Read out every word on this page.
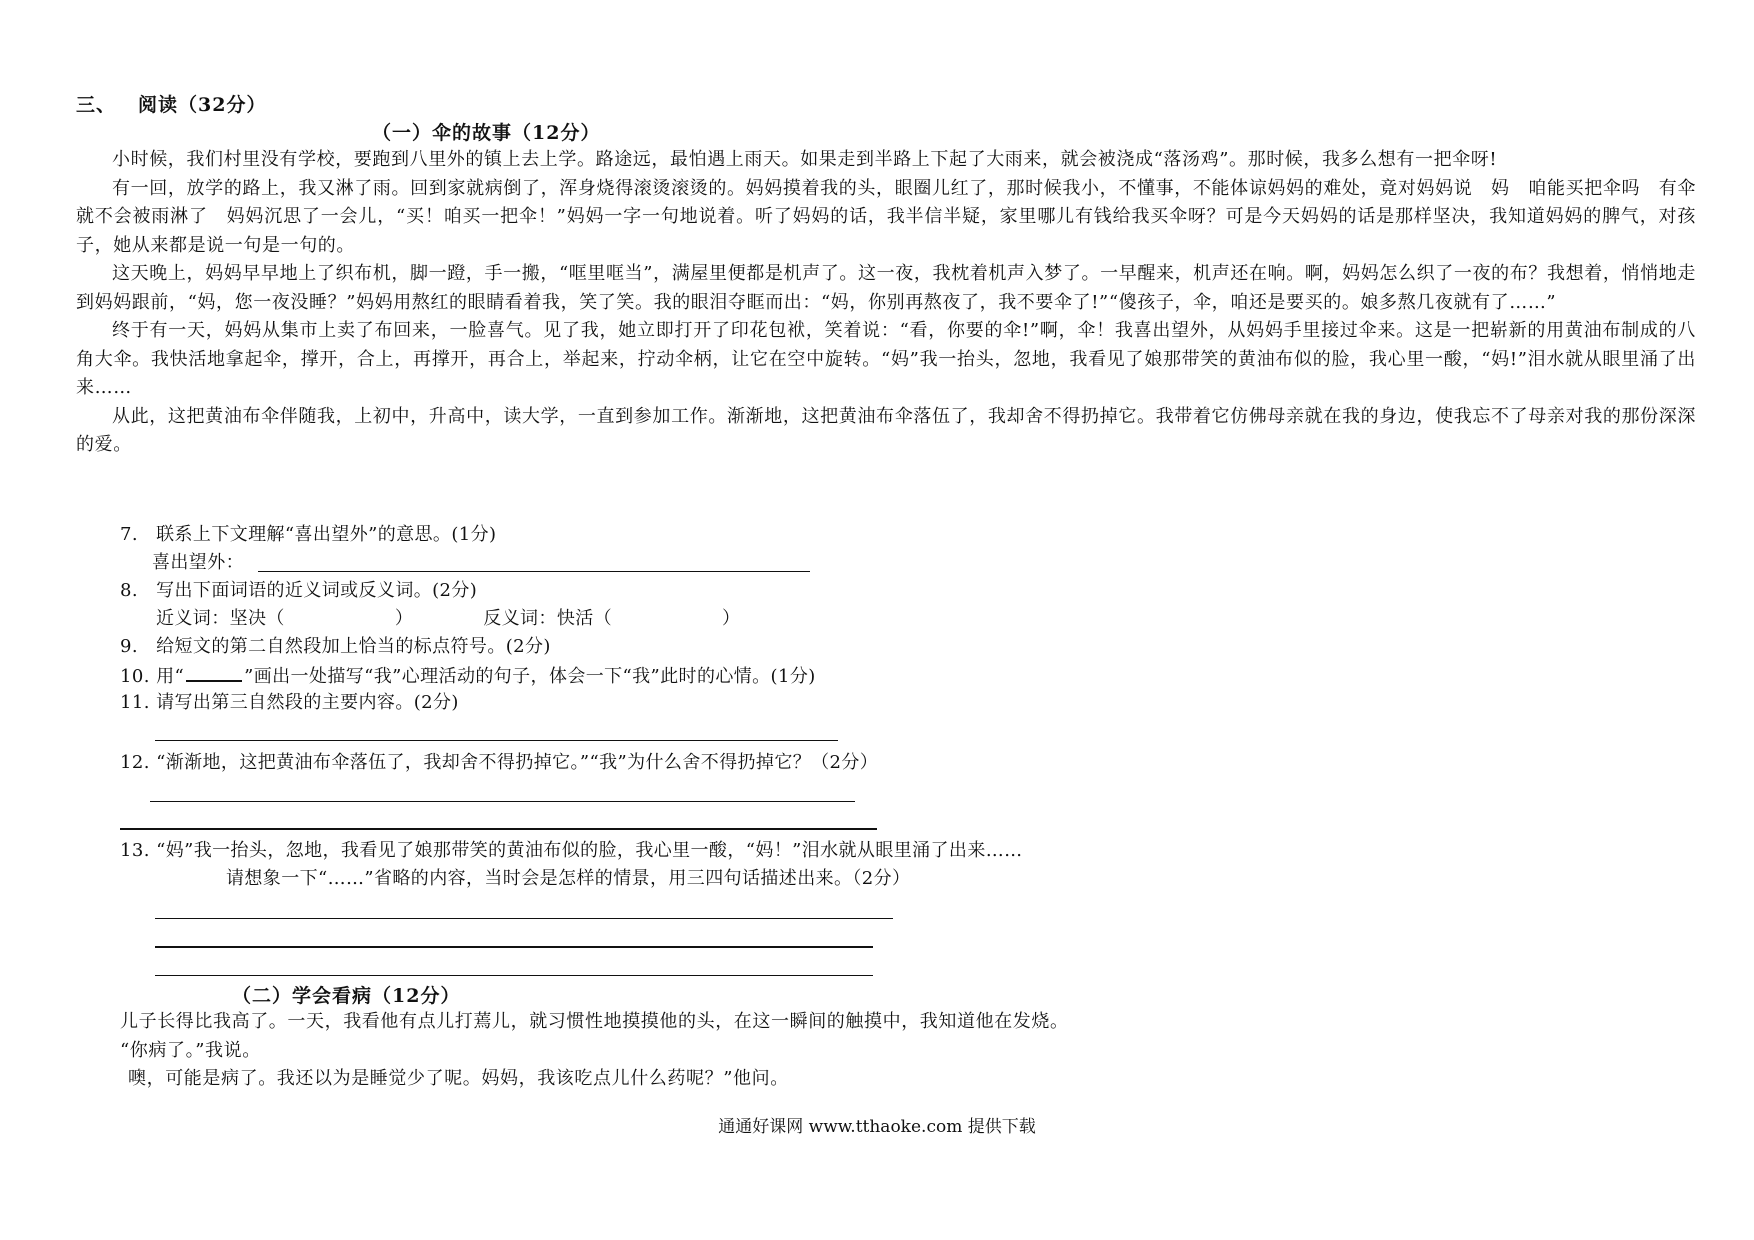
三、 阅读（32分）
（一）伞的故事（12分）

小时候，我们村里没有学校，要跑到八里外的镇上去上学。路途远，最怕遇上雨天。如果走到半路上下起了大雨来，就会被浇成“落汤鸡”。那时候，我多么想有一把伞呀!

有一回，放学的路上，我又淋了雨。回到家就病倒了，浑身烧得滚烫滚烫的。妈妈摸着我的头，眼圈儿红了，那时候我小，不懂事，不能体谅妈妈的难处，竟对妈妈说　妈　咱能买把伞吗　有伞就不会被雨淋了　妈妈沉思了一会儿，“买！咱买一把伞！”妈妈一字一句地说着。听了妈妈的话，我半信半疑，家里哪儿有钱给我买伞呀？可是今天妈妈的话是那样坚决，我知道妈妈的脾气，对孩子，她从来都是说一句是一句的。

这天晚上，妈妈早早地上了织布机，脚一蹬，手一搬，“哐里哐当”，满屋里便都是机声了。这一夜，我枕着机声入梦了。一早醒来，机声还在响。啊，妈妈怎么织了一夜的布？我想着，悄悄地走到妈妈跟前，“妈，您一夜没睡？”妈妈用熬红的眼睛看着我，笑了笑。我的眼泪夺眶而出：“妈，你别再熬夜了，我不要伞了!”“傻孩子，伞，咱还是要买的。娘多熬几夜就有了……”

终于有一天，妈妈从集市上卖了布回来，一脸喜气。见了我，她立即打开了印花包袱，笑着说：“看，你要的伞!”啊，伞！我喜出望外，从妈妈手里接过伞来。这是一把崭新的用黄油布制成的八角大伞。我快活地拿起伞，撑开，合上，再撑开，再合上，举起来，拧动伞柄，让它在空中旋转。“妈”我一抬头，忽地，我看见了娘那带笑的黄油布似的脸，我心里一酸，“妈!”泪水就从眼里涌了出来……

从此，这把黄油布伞伴随我，上初中，升高中，读大学，一直到参加工作。渐渐地，这把黄油布伞落伍了，我却舍不得扔掉它。我带着它仿佛母亲就在我的身边，使我忘不了母亲对我的那份深深的爱。

7. 联系上下文理解“喜出望外”的意思。(1分)
喜出望外：
8. 写出下面词语的近义词或反义词。(2分)
近义词：坚决（	）	反义词：快活（	）
9. 给短文的第二自然段加上恰当的标点符号。(2分)
10. 用“	”画出一处描写“我”心理活动的句子，体会一下“我”此时的心情。(1分)
11. 请写出第三自然段的主要内容。(2分)
12. “渐渐地，这把黄油布伞落伍了，我却舍不得扔掉它。”“我”为什么舍不得扔掉它？（2分）
13. “妈”我一抬头，忽地，我看见了娘那带笑的黄油布似的脸，我心里一酸，“妈！”泪水就从眼里涌了出来……
请想象一下“……”省略的内容，当时会是怎样的情景，用三四句话描述出来。（2分）
（二）学会看病（12分）

儿子长得比我高了。一天，我看他有点儿打蔫儿，就习惯性地摸摸他的头，在这一瞬间的触摸中，我知道他在发烧。

“你病了。”我说。

噢，可能是病了。我还以为是睡觉少了呢。妈妈，我该吃点儿什么药呢？”他问。

通通好课网 www.tthaoke.com 提供下载
